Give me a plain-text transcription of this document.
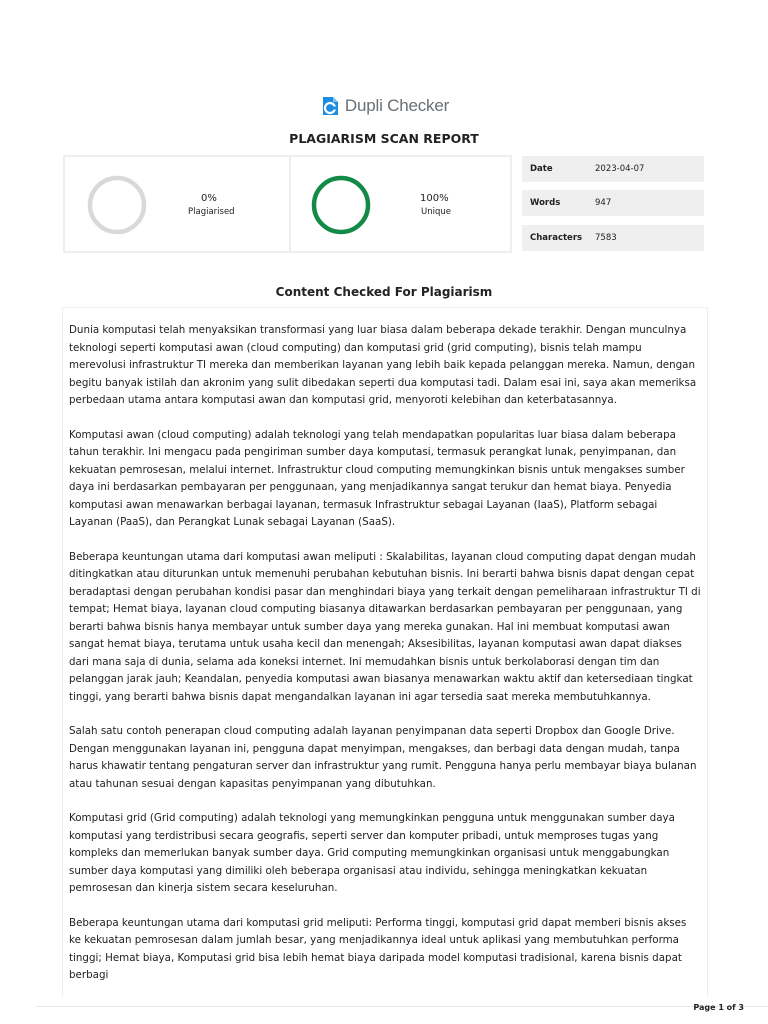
Dupli Checker
PLAGIARISM SCAN REPORT
0%
Plagiarised
100%
Unique
Date	2023-04-07
Words	947
Characters	7583
Content Checked For Plagiarism

Dunia komputasi telah menyaksikan transformasi yang luar biasa dalam beberapa dekade terakhir. Dengan munculnya teknologi seperti komputasi awan (cloud computing) dan komputasi grid (grid computing), bisnis telah mampu merevolusi infrastruktur TI mereka dan memberikan layanan yang lebih baik kepada pelanggan mereka. Namun, dengan begitu banyak istilah dan akronim yang sulit dibedakan seperti dua komputasi tadi. Dalam esai ini, saya akan memeriksa perbedaan utama antara komputasi awan dan komputasi grid, menyoroti kelebihan dan keterbatasannya.

Komputasi awan (cloud computing) adalah teknologi yang telah mendapatkan popularitas luar biasa dalam beberapa tahun terakhir. Ini mengacu pada pengiriman sumber daya komputasi, termasuk perangkat lunak, penyimpanan, dan kekuatan pemrosesan, melalui internet. Infrastruktur cloud computing memungkinkan bisnis untuk mengakses sumber daya ini berdasarkan pembayaran per penggunaan, yang menjadikannya sangat terukur dan hemat biaya. Penyedia komputasi awan menawarkan berbagai layanan, termasuk Infrastruktur sebagai Layanan (IaaS), Platform sebagai Layanan (PaaS), dan Perangkat Lunak sebagai Layanan (SaaS).

Beberapa keuntungan utama dari komputasi awan meliputi : Skalabilitas, layanan cloud computing dapat dengan mudah ditingkatkan atau diturunkan untuk memenuhi perubahan kebutuhan bisnis. Ini berarti bahwa bisnis dapat dengan cepat beradaptasi dengan perubahan kondisi pasar dan menghindari biaya yang terkait dengan pemeliharaan infrastruktur TI di tempat; Hemat biaya, layanan cloud computing biasanya ditawarkan berdasarkan pembayaran per penggunaan, yang berarti bahwa bisnis hanya membayar untuk sumber daya yang mereka gunakan. Hal ini membuat komputasi awan sangat hemat biaya, terutama untuk usaha kecil dan menengah; Aksesibilitas, layanan komputasi awan dapat diakses dari mana saja di dunia, selama ada koneksi internet. Ini memudahkan bisnis untuk berkolaborasi dengan tim dan pelanggan jarak jauh; Keandalan, penyedia komputasi awan biasanya menawarkan waktu aktif dan ketersediaan tingkat tinggi, yang berarti bahwa bisnis dapat mengandalkan layanan ini agar tersedia saat mereka membutuhkannya.

Salah satu contoh penerapan cloud computing adalah layanan penyimpanan data seperti Dropbox dan Google Drive. Dengan menggunakan layanan ini, pengguna dapat menyimpan, mengakses, dan berbagi data dengan mudah, tanpa harus khawatir tentang pengaturan server dan infrastruktur yang rumit. Pengguna hanya perlu membayar biaya bulanan atau tahunan sesuai dengan kapasitas penyimpanan yang dibutuhkan.

Komputasi grid (Grid computing) adalah teknologi yang memungkinkan pengguna untuk menggunakan sumber daya komputasi yang terdistribusi secara geografis, seperti server dan komputer pribadi, untuk memproses tugas yang kompleks dan memerlukan banyak sumber daya. Grid computing memungkinkan organisasi untuk menggabungkan sumber daya komputasi yang dimiliki oleh beberapa organisasi atau individu, sehingga meningkatkan kekuatan pemrosesan dan kinerja sistem secara keseluruhan.

Beberapa keuntungan utama dari komputasi grid meliputi: Performa tinggi, komputasi grid dapat memberi bisnis akses ke kekuatan pemrosesan dalam jumlah besar, yang menjadikannya ideal untuk aplikasi yang membutuhkan performa tinggi; Hemat biaya, Komputasi grid bisa lebih hemat biaya daripada model komputasi tradisional, karena bisnis dapat berbagi

Page 1 of 3
